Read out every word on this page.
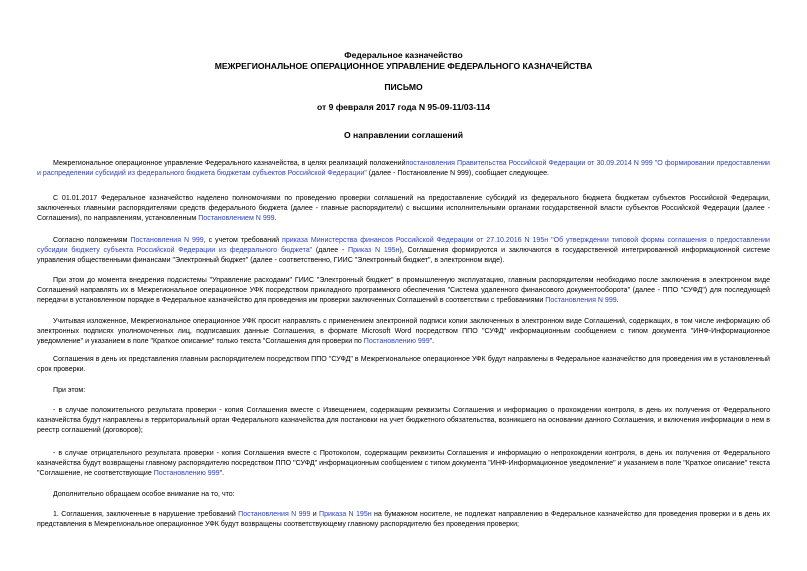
Федеральное казначейство
МЕЖРЕГИОНАЛЬНОЕ ОПЕРАЦИОННОЕ УПРАВЛЕНИЕ ФЕДЕРАЛЬНОГО КАЗНАЧЕЙСТВА
ПИСЬМО
от 9 февраля 2017 года N 95-09-11/03-114
О направлении соглашений
Межрегиональное операционное управление Федерального казначейства, в целях реализаций положенийпостановления Правительства Российской Федерации от 30.09.2014 N 999 "О формировании предоставлении и распределении субсидий из федерального бюджета бюджетам субъектов Российской Федерации" (далее - Постановление N 999), сообщает следующее.
С 01.01.2017 Федеральное казначейство наделено полномочиями по проведению проверки соглашений на предоставление субсидий из федерального бюджета бюджетам субъектов Российской Федерации, заключенных главными распорядителями средств федерального бюджета (далее - главные распорядители) с высшими исполнительными органами государственной власти субъектов Российской Федерации (далее - Соглашения), по направлениям, установленным Постановлением N 999.
Согласно положениям Постановления N 999, с учетом требований приказа Министерства финансов Российской Федерации от 27.10.2016 N 195н "Об утверждении типовой формы соглашения о предоставлении субсидии бюджету субъекта Российской Федерации из федерального бюджета" (далее - Приказ N 195н), Соглашения формируются и заключаются в государственной интегрированной информационной системе управления общественными финансами "Электронный бюджет" (далее - соответственно, ГИИС "Электронный бюджет", в электронном виде).
При этом до момента внедрения подсистемы "Управление расходами" ГИИС "Электронный бюджет" в промышленную эксплуатацию, главным распорядителям необходимо после заключения в электронном виде Соглашений направлять их в Межрегиональное операционное УФК посредством прикладного программного обеспечения "Система удаленного финансового документооборота" (далее - ППО "СУФД") для последующей передачи в установленном порядке в Федеральное казначейство для проведения им проверки заключенных Соглашений в соответствии с требованиями Постановления N 999.
Учитывая изложенное, Межрегиональное операционное УФК просит направлять с применением электронной подписи копии заключенных в электронном виде Соглашений, содержащих, в том числе информацию об электронных подписях уполномоченных лиц, подписавших данные Соглашения, в формате Microsoft Word посредством ППО "СУФД" информационным сообщением с типом документа "ИНФ-Информационное уведомление" и указанием в поле "Краткое описание" только текста "Соглашения для проверки по Постановлению 999".
Соглашения в день их представления главным распорядителем посредством ППО "СУФД" в Межрегиональное операционное УФК будут направлены в Федеральное казначейство для проведения им в установленный срок проверки.
При этом:
- в случае положительного результата проверки - копия Соглашения вместе с Извещением, содержащим реквизиты Соглашения и информацию о прохождении контроля, в день их получения от Федерального казначейства будут направлены в территориальный орган Федерального казначейства для постановки на учет бюджетного обязательства, возникшего на основании данного Соглашения, и включения информации о нем в реестр соглашений (договоров);
- в случае отрицательного результата проверки - копия Соглашения вместе с Протоколом, содержащим реквизиты Соглашения и информацию о непрохождении контроля, в день их получения от Федерального казначейства будут возвращены главному распорядителю посредством ППО "СУФД" информационным сообщением с типом документа "ИНФ-Информационное уведомление" и указанием в поле "Краткое описание" текста "Соглашение, не соответствующие Постановлению 999".
Дополнительно обращаем особое внимание на то, что:
1. Соглашения, заключенные в нарушение требований Постановления N 999 и Приказа N 195н на бумажном носителе, не подлежат направлению в Федеральное казначейство для проведения проверки и в день их представления в Межрегиональное операционное УФК будут возвращены соответствующему главному распорядителю без проведения проверки;
